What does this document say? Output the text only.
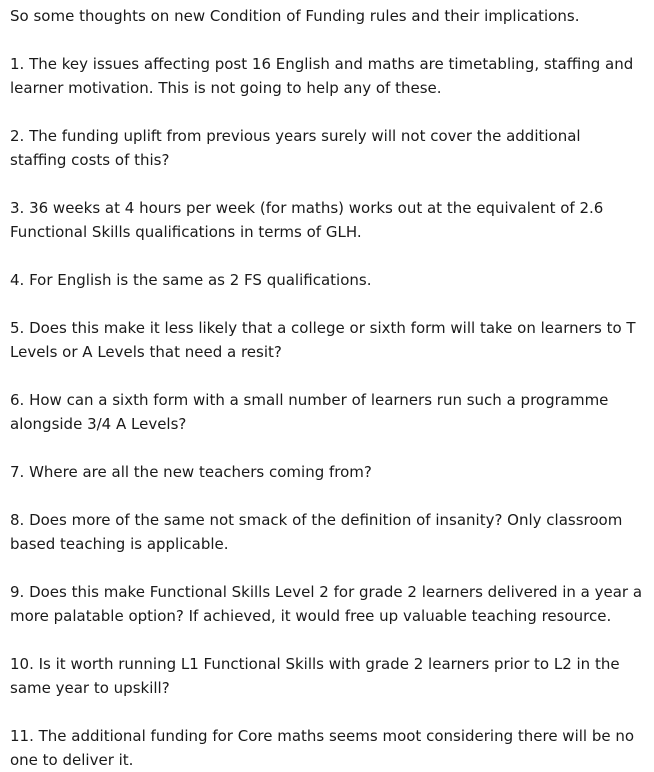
So some thoughts on new Condition of Funding rules and their implications.

1. The key issues affecting post 16 English and maths are timetabling, staffing and
learner motivation. This is not going to help any of these.

2. The funding uplift from previous years surely will not cover the additional
staffing costs of this?

3. 36 weeks at 4 hours per week (for maths) works out at the equivalent of 2.6
Functional Skills qualifications in terms of GLH.

4. For English is the same as 2 FS qualifications.

5. Does this make it less likely that a college or sixth form will take on learners to T
Levels or A Levels that need a resit?

6. How can a sixth form with a small number of learners run such a programme
alongside 3/4 A Levels?

7. Where are all the new teachers coming from?

8. Does more of the same not smack of the definition of insanity? Only classroom
based teaching is applicable.

9. Does this make Functional Skills Level 2 for grade 2 learners delivered in a year a
more palatable option? If achieved, it would free up valuable teaching resource.

10. Is it worth running L1 Functional Skills with grade 2 learners prior to L2 in the
same year to upskill?

11. The additional funding for Core maths seems moot considering there will be no
one to deliver it.
